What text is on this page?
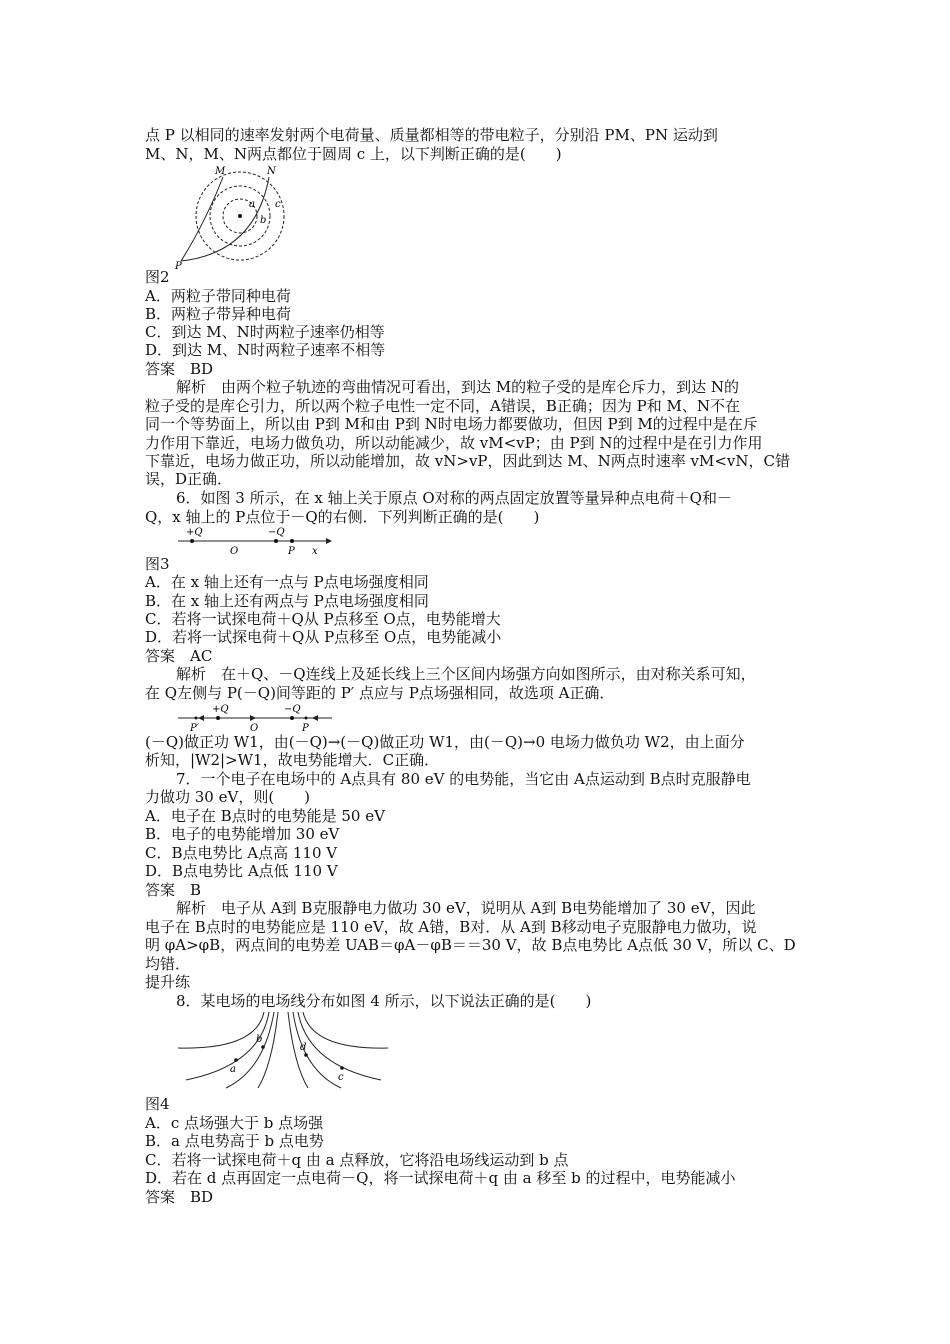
点 P 以相同的速率发射两个电荷量、质量都相等的带电粒子，分别沿 PM、PN 运动到
M、N，M、N两点都位于圆周 c 上，以下判断正确的是(　　)
M	N
a
b
c
P
图2
A．两粒子带同种电荷
B．两粒子带异种电荷
C．到达 M、N时两粒子速率仍相等
D．到达 M、N时两粒子速率不相等
答案　BD
解析　由两个粒子轨迹的弯曲情况可看出，到达 M的粒子受的是库仑斥力，到达 N的
粒子受的是库仑引力，所以两个粒子电性一定不同，A错误，B正确；因为 P和 M、N不在
同一个等势面上，所以由 P到 M和由 P到 N时电场力都要做功，但因 P到 M的过程中是在斥
力作用下靠近，电场力做负功，所以动能减少，故 vM<vP；由 P到 N的过程中是在引力作用
下靠近，电场力做正功，所以动能增加，故 vN>vP，因此到达 M、N两点时速率 vM<vN，C错
误，D正确．
6．如图 3 所示，在 x 轴上关于原点 O对称的两点固定放置等量异种点电荷＋Q和－
Q，x 轴上的 P点位于－Q的右侧．下列判断正确的是(　　)
+Q	−Q
O	P x
图3
A．在 x 轴上还有一点与 P点电场强度相同
B．在 x 轴上还有两点与 P点电场强度相同
C．若将一试探电荷＋Q从 P点移至 O点，电势能增大
D．若将一试探电荷＋Q从 P点移至 O点，电势能减小
答案　AC
解析　在＋Q、－Q连线上及延长线上三个区间内场强方向如图所示，由对称关系可知，
在 Q左侧与 P(－Q)间等距的 P′ 点应与 P点场强相同，故选项 A正确．
+Q	−Q
P′	O	P
(－Q)做正功 W1，由(－Q)→(－Q)做正功 W1，由(－Q)→0 电场力做负功 W2，由上面分
析知，|W2|>W1，故电势能增大．C正确．
7．一个电子在电场中的 A点具有 80 eV 的电势能，当它由 A点运动到 B点时克服静电
力做功 30 eV，则(　　)
A．电子在 B点时的电势能是 50 eV
B．电子的电势能增加 30 eV
C．B点电势比 A点高 110 V
D．B点电势比 A点低 110 V
答案　B
解析　电子从 A到 B克服静电力做功 30 eV，说明从 A到 B电势能增加了 30 eV，因此
电子在 B点时的电势能应是 110 eV，故 A错，B对．从 A到 B移动电子克服静电力做功，说
明 φA>φB，两点间的电势差 UAB＝φA－φB＝＝30 V，故 B点电势比 A点低 30 V，所以 C、D
均错．
提升练
8．某电场的电场线分布如图 4 所示，以下说法正确的是(　　)
b
d
a
c
图4
A．c 点场强大于 b 点场强
B．a 点电势高于 b 点电势
C．若将一试探电荷＋q 由 a 点释放，它将沿电场线运动到 b 点
D．若在 d 点再固定一点电荷－Q，将一试探电荷＋q 由 a 移至 b 的过程中，电势能减小
答案　BD
